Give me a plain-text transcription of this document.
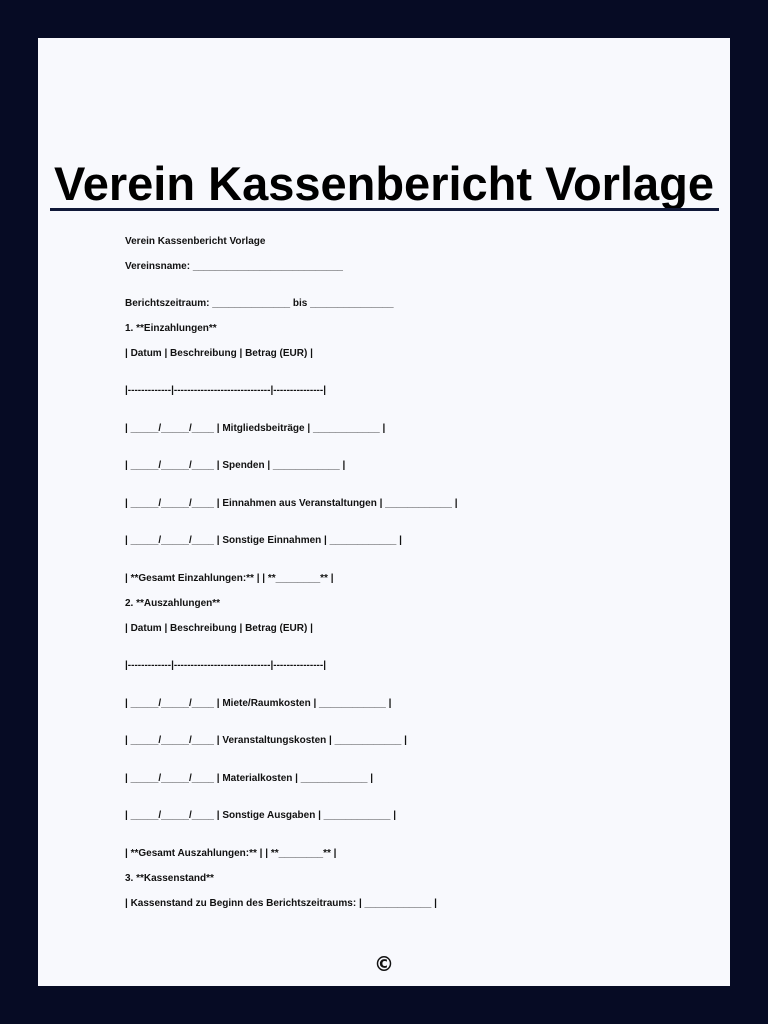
Verein Kassenbericht Vorlage
Verein Kassenbericht Vorlage
Vereinsname: ___________________________
Berichtszeitraum: ______________ bis _______________
1. **Einzahlungen**
| Datum | Beschreibung | Betrag (EUR) |
|-------------|-----------------------------|---------------|
| _____/_____/____ | Mitgliedsbeiträge | ____________ |
| _____/_____/____ | Spenden | ____________ |
| _____/_____/____ | Einnahmen aus Veranstaltungen | ____________ |
| _____/_____/____ | Sonstige Einnahmen | ____________ |
| **Gesamt Einzahlungen:** | | **________** |
2. **Auszahlungen**
| Datum | Beschreibung | Betrag (EUR) |
|-------------|-----------------------------|---------------|
| _____/_____/____ | Miete/Raumkosten | ____________ |
| _____/_____/____ | Veranstaltungskosten | ____________ |
| _____/_____/____ | Materialkosten | ____________ |
| _____/_____/____ | Sonstige Ausgaben | ____________ |
| **Gesamt Auszahlungen:** | | **________** |
3. **Kassenstand**
| Kassenstand zu Beginn des Berichtszeitraums: | ____________ |
©
